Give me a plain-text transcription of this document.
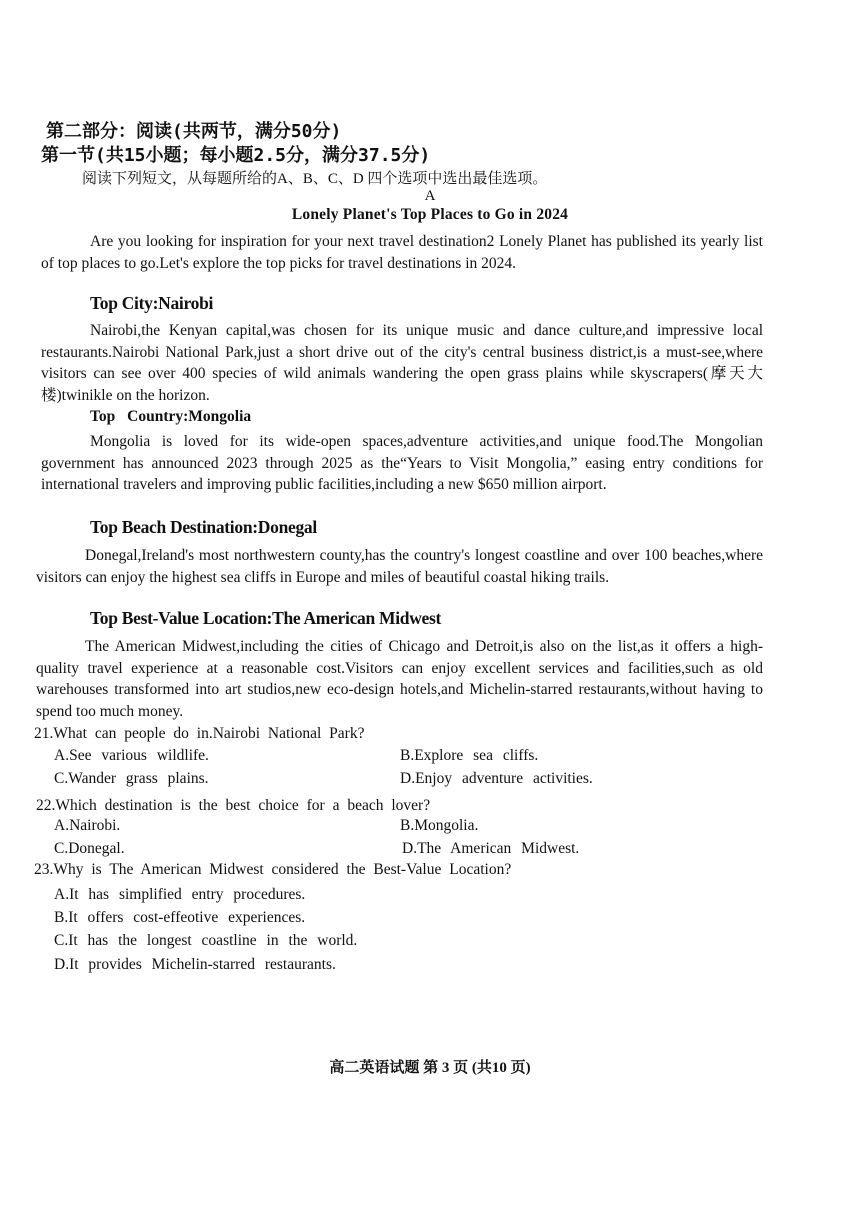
第二部分：阅读(共两节，满分50分)
第一节(共15小题；每小题2.5分，满分37.5分)
阅读下列短文，从每题所给的A、B、C、D 四个选项中选出最佳选项。
A
Lonely Planet's Top Places to Go in 2024
Are you looking for inspiration for your next travel destination2 Lonely Planet has published its yearly list of top places to go.Let's explore the top picks for travel destinations in 2024.
Top City:Nairobi
Nairobi,the Kenyan capital,was chosen for its unique music and dance culture,and impressive local restaurants.Nairobi National Park,just a short drive out of the city's central business district,is a must-see,where visitors can see over 400 species of wild animals wandering the open grass plains while skyscrapers(摩天大楼)twinikle on the horizon.
Top Country:Mongolia
Mongolia is loved for its wide-open spaces,adventure activities,and unique food.The Mongolian government has announced 2023 through 2025 as the“Years to Visit Mongolia,” easing entry conditions for international travelers and improving public facilities,including a new $650 million airport.
Top Beach Destination:Donegal
Donegal,Ireland's most northwestern county,has the country's longest coastline and over 100 beaches,where visitors can enjoy the highest sea cliffs in Europe and miles of beautiful coastal hiking trails.
Top Best-Value Location:The American Midwest
The American Midwest,including the cities of Chicago and Detroit,is also on the list,as it offers a high-quality travel experience at a reasonable cost.Visitors can enjoy excellent services and facilities,such as old warehouses transformed into art studios,new eco-design hotels,and Michelin-starred restaurants,without having to spend too much money.
21.What can people do in.Nairobi National Park?
A.See various wildlife.	B.Explore sea cliffs.
C.Wander grass plains.	D.Enjoy adventure activities.
22.Which destination is the best choice for a beach lover?
A.Nairobi.	B.Mongolia.
C.Donegal.	D.The American Midwest.
23.Why is The American Midwest considered the Best-Value Location?
A.It has simplified entry procedures.
B.It offers cost-effeotive experiences.
C.It has the longest coastline in the world.
D.It provides Michelin-starred restaurants.
高二英语试题 第 3 页 (共10 页)
